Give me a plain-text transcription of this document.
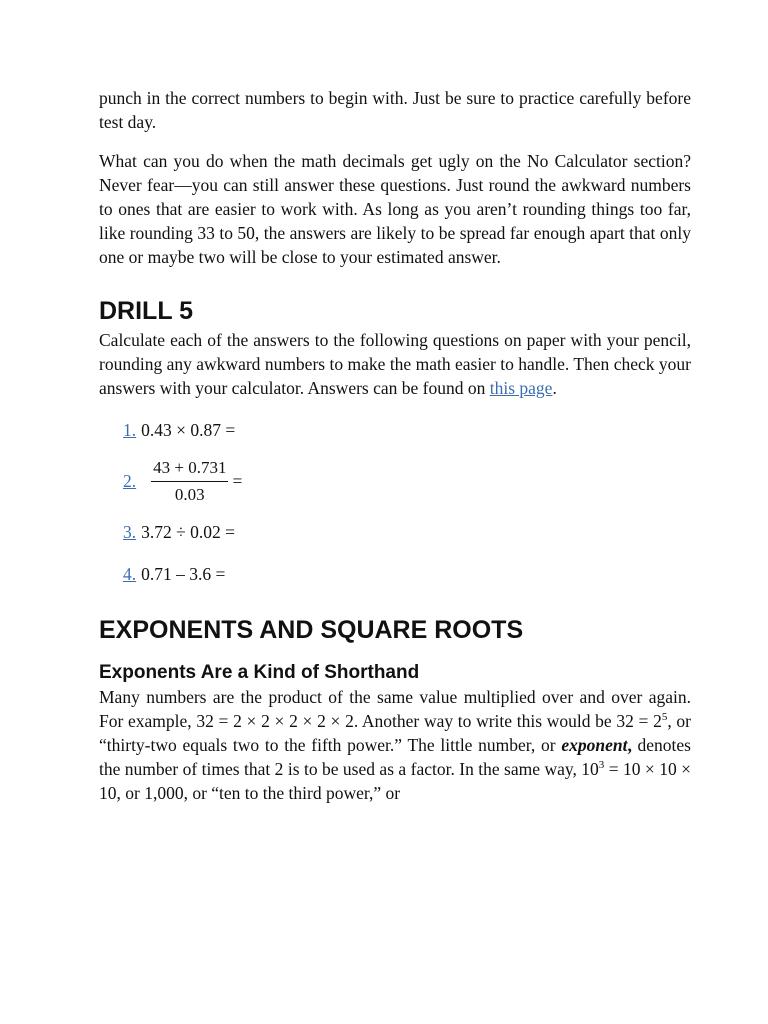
punch in the correct numbers to begin with. Just be sure to practice carefully before test day.

What can you do when the math decimals get ugly on the No Calculator section? Never fear—you can still answer these questions. Just round the awkward numbers to ones that are easier to work with. As long as you aren’t rounding things too far, like rounding 33 to 50, the answers are likely to be spread far enough apart that only one or maybe two will be close to your estimated answer.

DRILL 5

Calculate each of the answers to the following questions on paper with your pencil, rounding any awkward numbers to make the math easier to handle. Then check your answers with your calculator. Answers can be found on this page.

1. 0.43 × 0.87 =
2. $\frac{43 + 0.731}{0.03}$ =
3. 3.72 ÷ 0.02 =
4. 0.71 – 3.6 =
EXPONENTS AND SQUARE ROOTS
Exponents Are a Kind of Shorthand

Many numbers are the product of the same value multiplied over and over again. For example, 32 = 2 × 2 × 2 × 2 × 2. Another way to write this would be $32 = 2^5$, or “thirty-two equals two to the fifth power.” The little number, or exponent, denotes the number of times that 2 is to be used as a factor. In the same way, $10^3 = 10 \times 10 \times 10$, or 1,000, or “ten to the third power,” or
